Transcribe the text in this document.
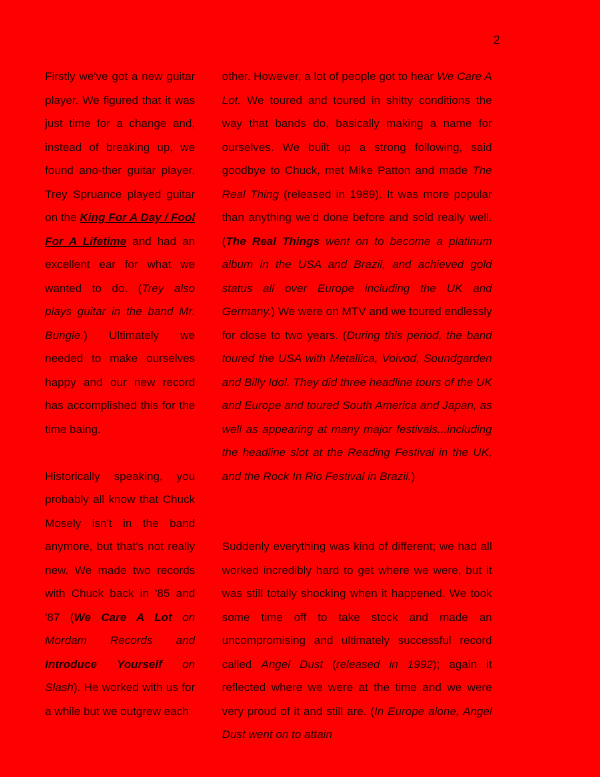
2

Firstly we've got a new guitar player. We figured that it was just time for a change and, instead of breaking up, we found ano-ther guitar player. Trey Spruance played guitar on the King For A Day / Fool For A Lifetime and had an excellent ear for what we wanted to do. (Trey also plays guitar in the band Mr. Bungle.) Ultimately we needed to make ourselves happy and our new record has accomplished this for the time baing.

Historically speaking, you probably all know that Chuck Mosely isn't in the band anymore, but that's not really new. We made two records with Chuck back in '85 and '87 (We Care A Lot on Mordam Records and Introduce Yourself on Slash). He worked with us for a while but we outgrew each

other. However, a lot of people got to hear We Care A Lot. We toured and toured in shitty conditions the way that bands do, basically making a name for ourselves. We built up a strong following, said goodbye to Chuck, met Mike Patton and made The Real Thing (released in 1989). It was more popular than anything we'd done before and sold really well. (The Real Things went on to become a platinum album in the USA and Brazil, and achieved gold status all over Europe including the UK and Germany.) We were on MTV and we toured endlessly for close to two years. (During this period, the band toured the USA with Metallica, Voivod, Soundgarden and Billy Idol. They did three headline tours of the UK and Europe and toured South America and Japan, as well as appearing at many major festivals...including the headline slot at the Reading Festival in the UK, and the Rock In Rio Festival in Brazil.)

Suddenly everything was kind of different; we had all worked incredibly hard to get where we were, but it was still totally shocking when it happened. We took some time off to take stock and made an uncompromising and ultimately successful record called Angel Dust (released in 1992); again it reflected where we were at the time and we were very proud of it and still are. (In Europe alone, Angel Dust went on to attain
